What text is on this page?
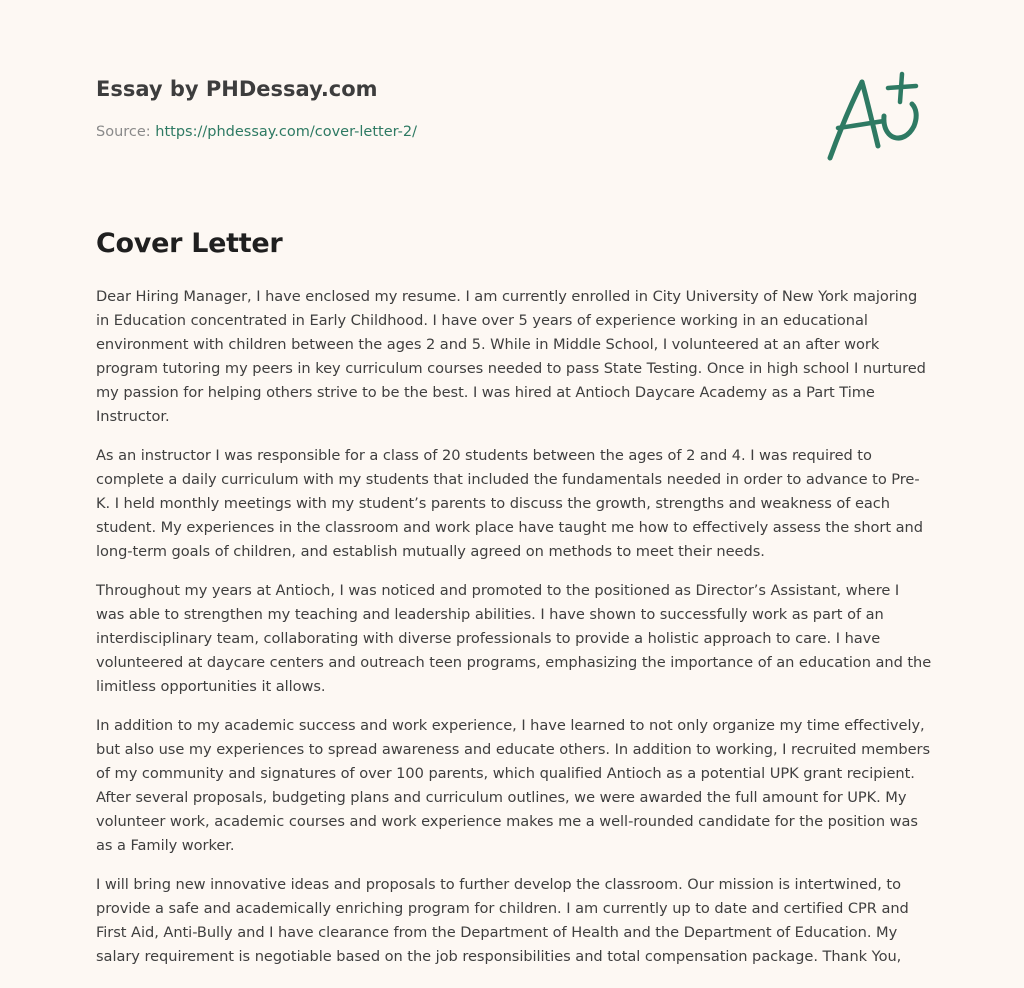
Essay by PHDessay.com
Source: https://phdessay.com/cover-letter-2/
Cover Letter

Dear Hiring Manager, I have enclosed my resume. I am currently enrolled in City University of New York majoring in Education concentrated in Early Childhood. I have over 5 years of experience working in an educational environment with children between the ages 2 and 5. While in Middle School, I volunteered at an after work program tutoring my peers in key curriculum courses needed to pass State Testing. Once in high school I nurtured my passion for helping others strive to be the best. I was hired at Antioch Daycare Academy as a Part Time Instructor.

As an instructor I was responsible for a class of 20 students between the ages of 2 and 4. I was required to complete a daily curriculum with my students that included the fundamentals needed in order to advance to Pre-K. I held monthly meetings with my student’s parents to discuss the growth, strengths and weakness of each student. My experiences in the classroom and work place have taught me how to effectively assess the short and long-term goals of children, and establish mutually agreed on methods to meet their needs.

Throughout my years at Antioch, I was noticed and promoted to the positioned as Director’s Assistant, where I was able to strengthen my teaching and leadership abilities. I have shown to successfully work as part of an interdisciplinary team, collaborating with diverse professionals to provide a holistic approach to care. I have volunteered at daycare centers and outreach teen programs, emphasizing the importance of an education and the limitless opportunities it allows.

In addition to my academic success and work experience, I have learned to not only organize my time effectively, but also use my experiences to spread awareness and educate others. In addition to working, I recruited members of my community and signatures of over 100 parents, which qualified Antioch as a potential UPK grant recipient. After several proposals, budgeting plans and curriculum outlines, we were awarded the full amount for UPK. My volunteer work, academic courses and work experience makes me a well-rounded candidate for the position was as a Family worker.

I will bring new innovative ideas and proposals to further develop the classroom. Our mission is intertwined, to provide a safe and academically enriching program for children. I am currently up to date and certified CPR and First Aid, Anti-Bully and I have clearance from the Department of Health and the Department of Education. My salary requirement is negotiable based on the job responsibilities and total compensation package. Thank You,
